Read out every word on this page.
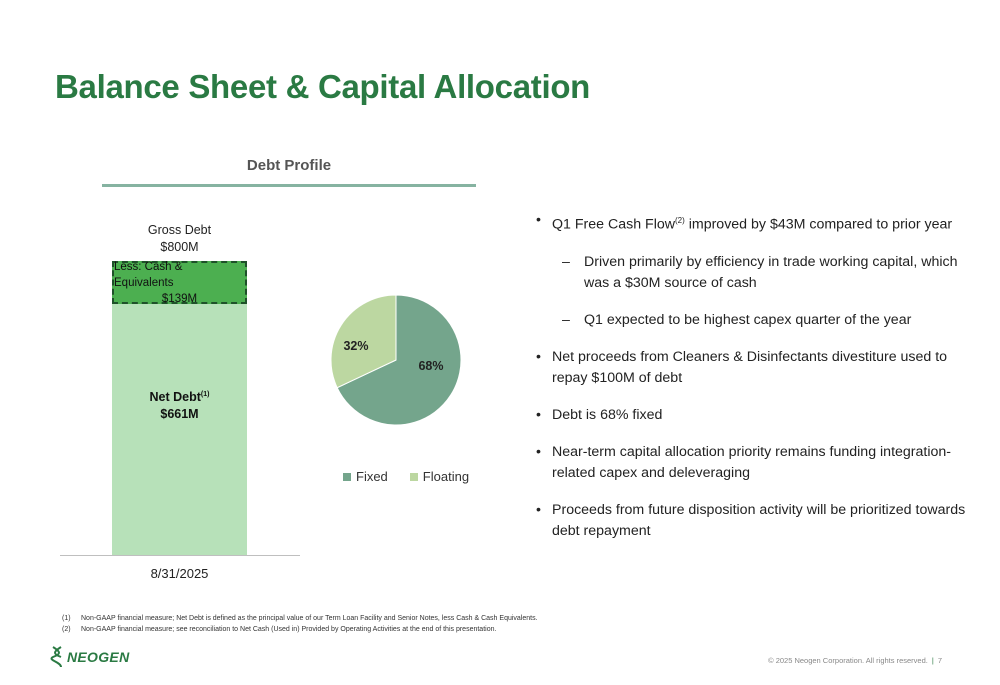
Balance Sheet & Capital Allocation
Debt Profile
Gross Debt
$800M
Less: Cash & Equivalents
$139M
Net Debt$^{(1)}$
$661M
8/31/2025
68%
32%
Fixed	Floating
• Q1 Free Cash Flow$^{(2)}$ improved by $43M compared to prior year
– Driven primarily by efficiency in trade working capital, which was a $30M source of cash
– Q1 expected to be highest capex quarter of the year
• Net proceeds from Cleaners & Disinfectants divestiture used to repay $100M of debt
• Debt is 68% fixed
• Near-term capital allocation priority remains funding integration-related capex and deleveraging
• Proceeds from future disposition activity will be prioritized towards debt repayment
(1)	Non-GAAP financial measure; Net Debt is defined as the principal value of our Term Loan Facility and Senior Notes, less Cash & Cash Equivalents.
(2)	Non-GAAP financial measure; see reconciliation to Net Cash (Used in) Provided by Operating Activities at the end of this presentation.
NEOGEN	© 2025 Neogen Corporation. All rights reserved. | 7
